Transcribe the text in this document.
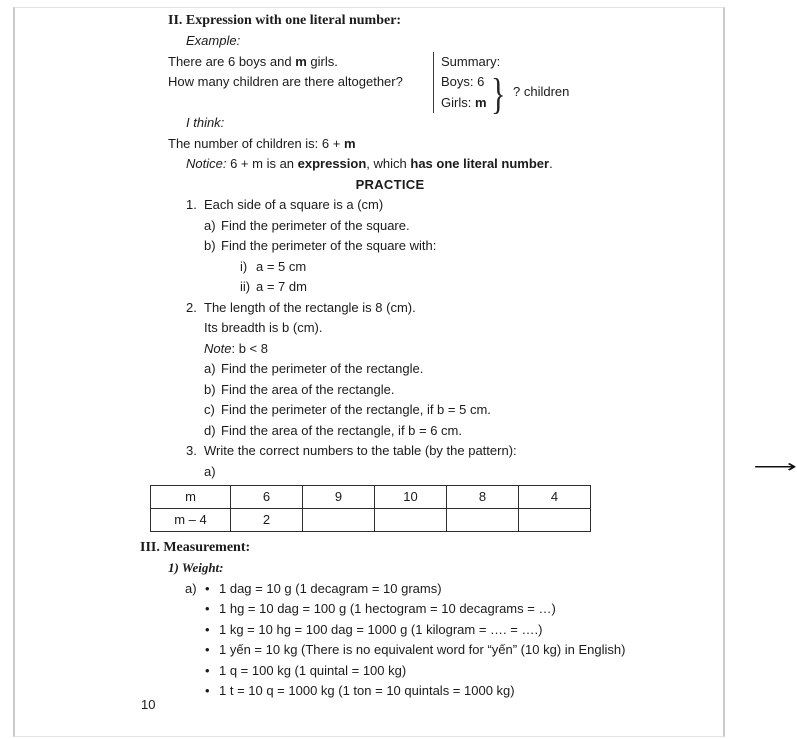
II. Expression with one literal number:
Example:
There are 6 boys and m girls.
How many children are there altogether?
Summary:
Boys: 6
Girls: m } ? children
I think:
The number of children is: 6 + m
Notice: 6 + m is an expression, which has one literal number.
PRACTICE
1. Each side of a square is a (cm)
a) Find the perimeter of the square.
b) Find the perimeter of the square with:
i) a = 5 cm
ii) a = 7 dm
2. The length of the rectangle is 8 (cm).
Its breadth is b (cm).
Note: b < 8
a) Find the perimeter of the rectangle.
b) Find the area of the rectangle.
c) Find the perimeter of the rectangle, if b = 5 cm.
d) Find the area of the rectangle, if b = 6 cm.
3. Write the correct numbers to the table (by the pattern):
a)	⟶
m	6	9	10	8	4
m – 4	2				
III. Measurement:
1) Weight:
a) • 1 dag = 10 g (1 decagram = 10 grams)
• 1 hg = 10 dag = 100 g (1 hectogram = 10 decagrams = …)
• 1 kg = 10 hg = 100 dag = 1000 g (1 kilogram = …. = ….)
• 1 yến = 10 kg (There is no equivalent word for “yến” (10 kg) in English)
• 1 q = 100 kg (1 quintal = 100 kg)
• 1 t = 10 q = 1000 kg (1 ton = 10 quintals = 1000 kg)
10
